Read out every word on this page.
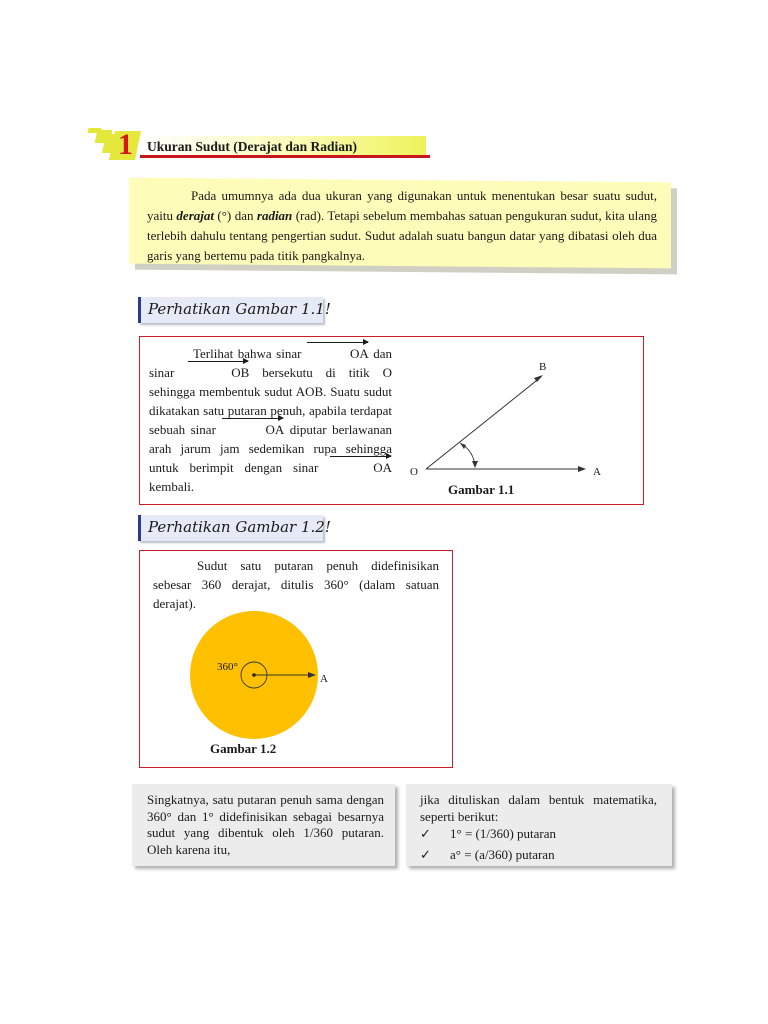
1 Ukuran Sudut (Derajat dan Radian)

Pada umumnya ada dua ukuran yang digunakan untuk menentukan besar suatu sudut, yaitu derajat (°) dan radian (rad). Tetapi sebelum membahas satuan pengukuran sudut, kita ulang terlebih dahulu tentang pengertian sudut. Sudut adalah suatu bangun datar yang dibatasi oleh dua garis yang bertemu pada titik pangkalnya.

Perhatikan Gambar 1.1!

Terlihat bahwa sinar	OA dan sinar	OB bersekutu di titik O sehingga membentuk sudut AOB. Suatu sudut dikatakan satu putaran penuh, apabila terdapat sebuah sinar	OA diputar berlawanan arah jarum jam sedemikan rupa sehingga untuk berimpit dengan sinar	OA kembali.

O	A
B
Gambar 1.1
Perhatikan Gambar 1.2!

Sudut satu putaran penuh didefinisikan sebesar 360 derajat, ditulis 360° (dalam satuan derajat).

360°
A
Gambar 1.2
Singkatnya, satu putaran penuh sama dengan 360° dan 1° didefinisikan sebagai besarnya sudut yang dibentuk oleh 1/360 putaran. Oleh karena itu,
jika dituliskan dalam bentuk matematika, seperti berikut:
✓ 1° = (1/360) putaran
✓ a° = (a/360) putaran
